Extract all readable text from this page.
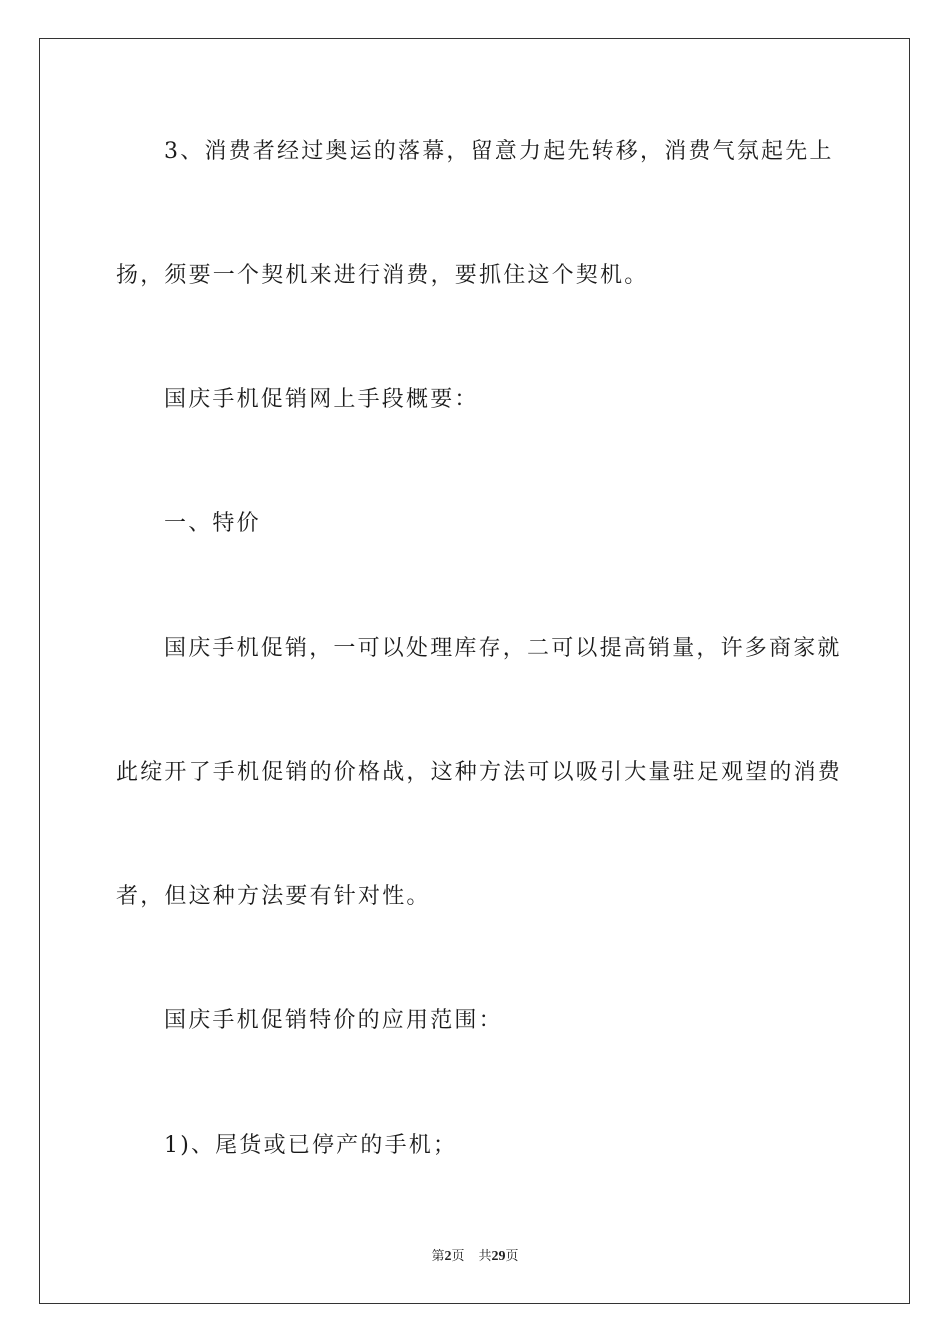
3、消费者经过奥运的落幕，留意力起先转移，消费气氛起先上
扬，须要一个契机来进行消费，要抓住这个契机。
国庆手机促销网上手段概要：
一、特价
国庆手机促销，一可以处理库存，二可以提高销量，许多商家就
此绽开了手机促销的价格战，这种方法可以吸引大量驻足观望的消费
者，但这种方法要有针对性。
国庆手机促销特价的应用范围：
1)、尾货或已停产的手机；
第2页 共29页
